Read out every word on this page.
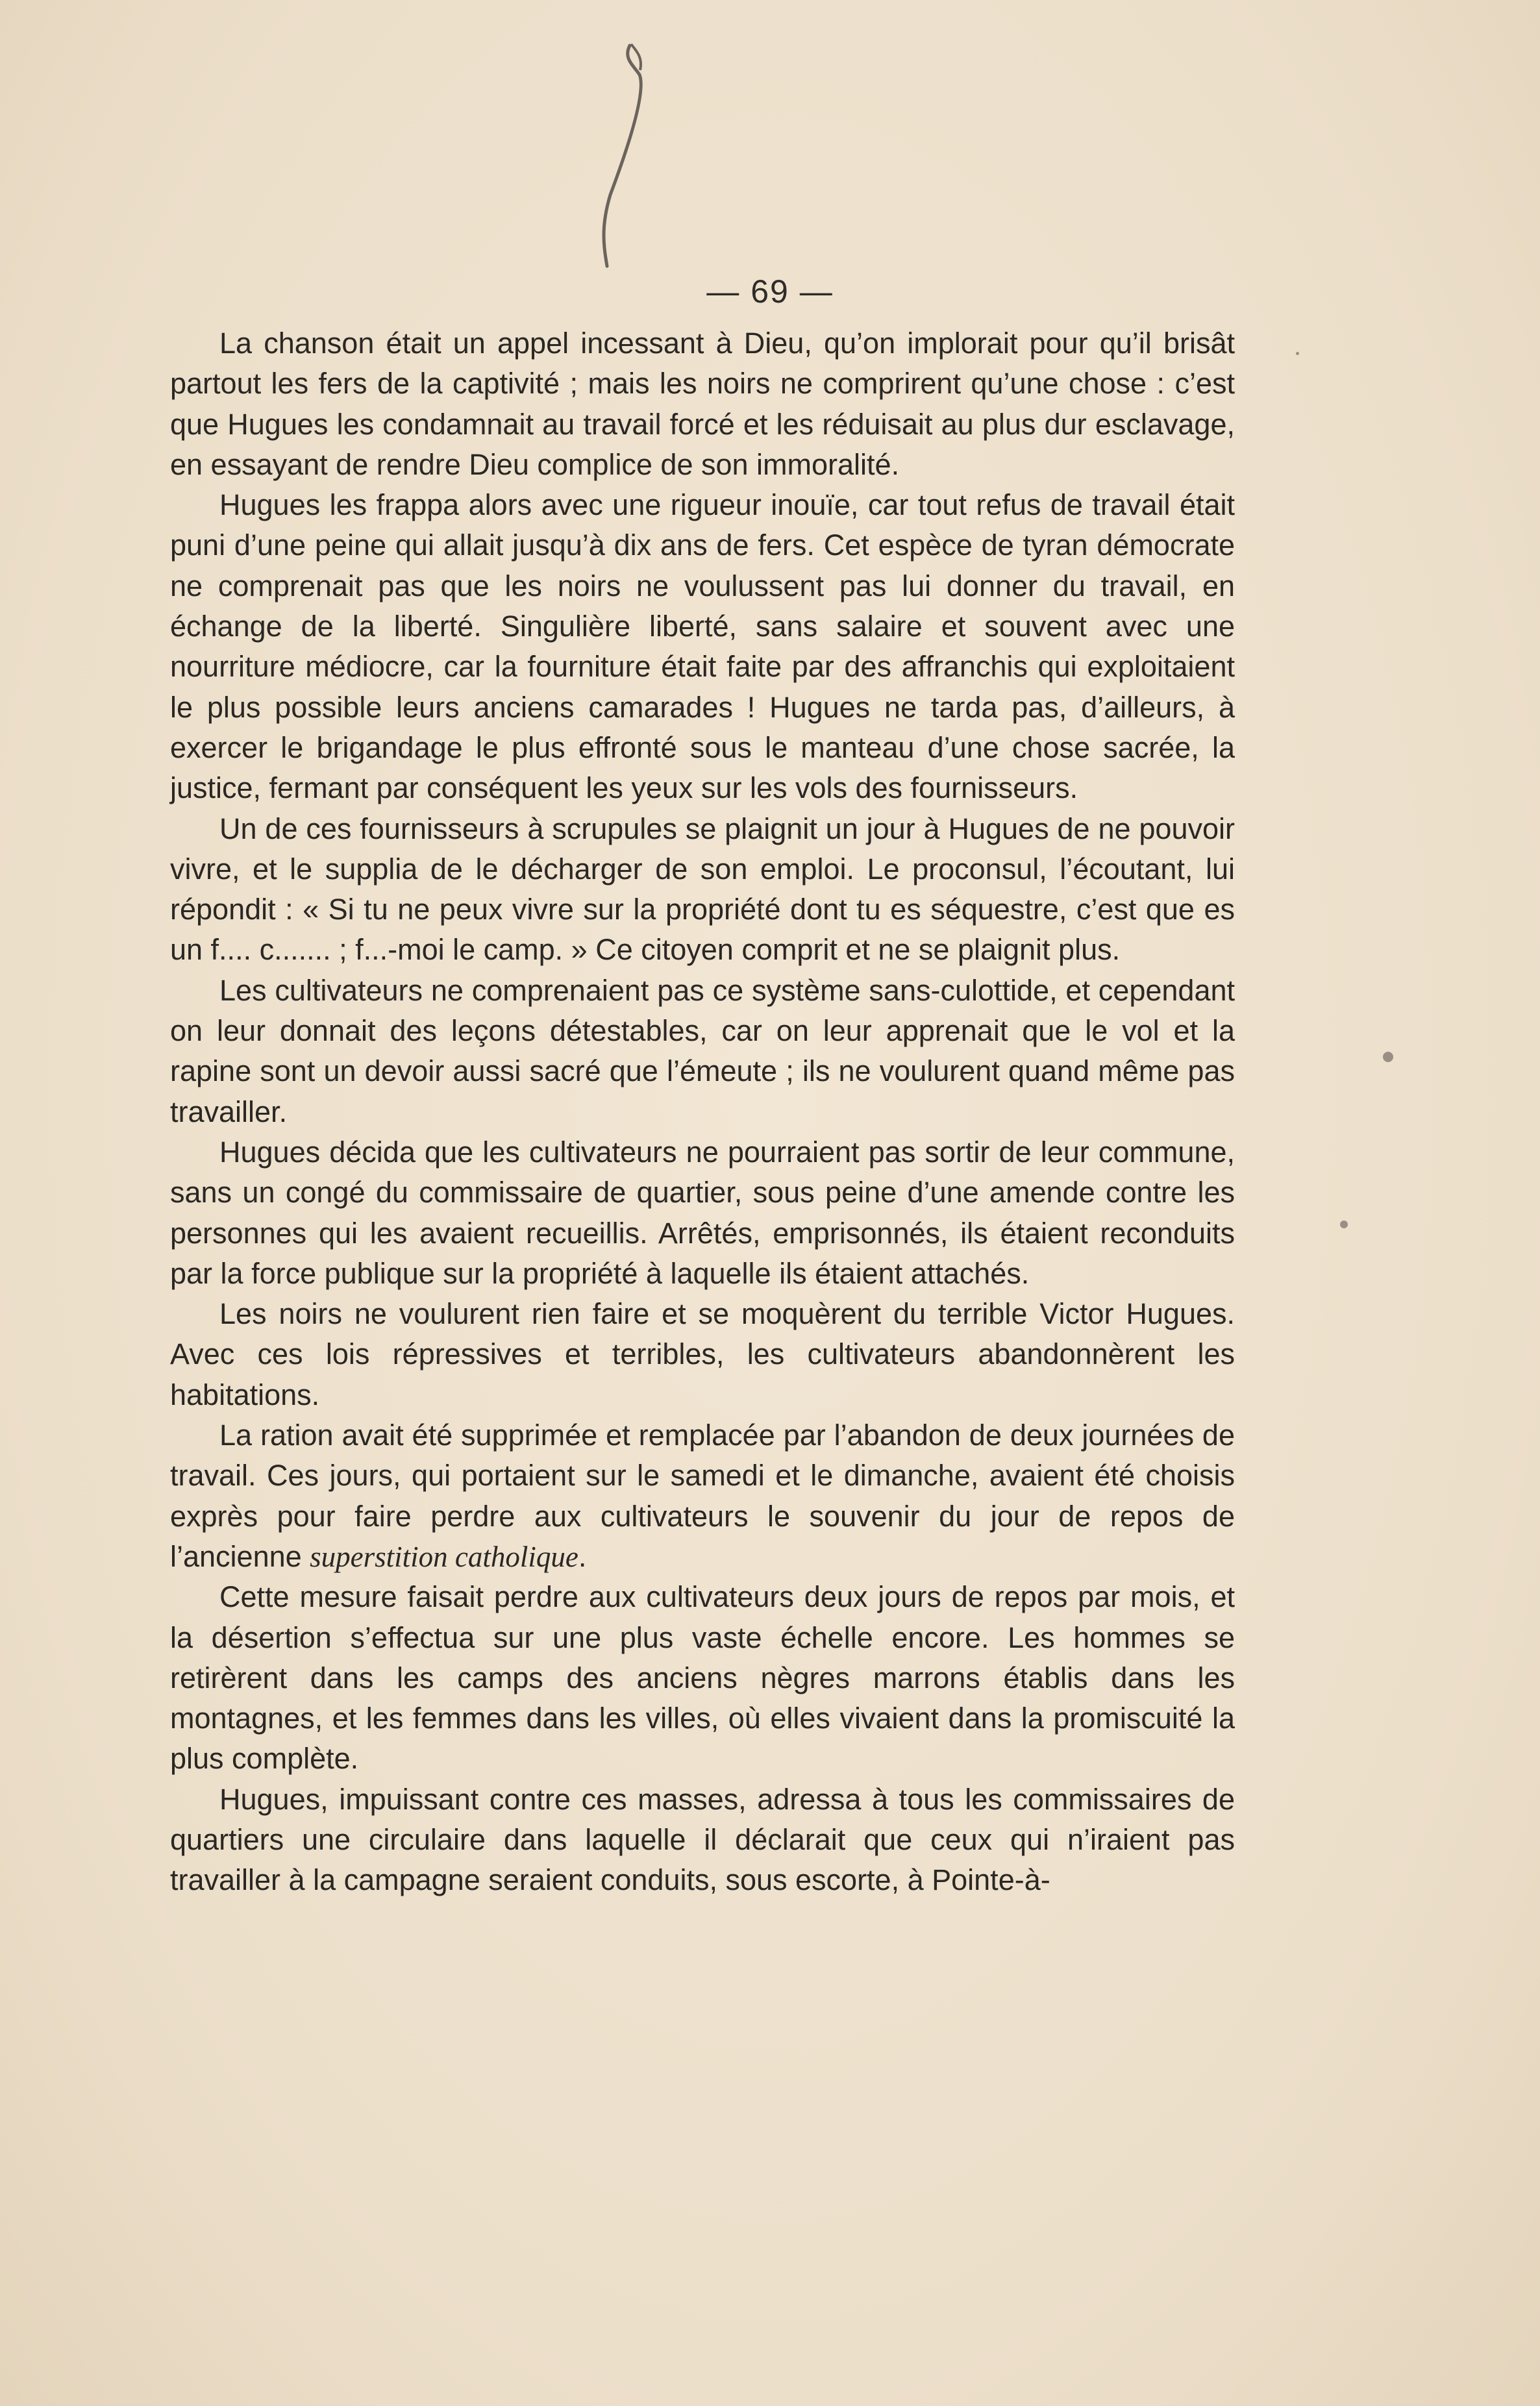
— 69 —

La chanson était un appel incessant à Dieu, qu’on implorait pour qu’il brisât partout les fers de la captivité ; mais les noirs ne comprirent qu’une chose : c’est que Hugues les condamnait au travail forcé et les réduisait au plus dur esclavage, en essayant de rendre Dieu complice de son immoralité.

Hugues les frappa alors avec une rigueur inouïe, car tout refus de travail était puni d’une peine qui allait jusqu’à dix ans de fers. Cet espèce de tyran démocrate ne comprenait pas que les noirs ne voulussent pas lui donner du travail, en échange de la liberté. Singulière liberté, sans salaire et souvent avec une nourriture médiocre, car la fourniture était faite par des affranchis qui exploitaient le plus possible leurs anciens camarades ! Hugues ne tarda pas, d’ailleurs, à exercer le brigandage le plus effronté sous le manteau d’une chose sacrée, la justice, fermant par conséquent les yeux sur les vols des fournisseurs.

Un de ces fournisseurs à scrupules se plaignit un jour à Hugues de ne pouvoir vivre, et le supplia de le décharger de son emploi. Le proconsul, l’écoutant, lui répondit : « Si tu ne peux vivre sur la propriété dont tu es séquestre, c’est que es un f.... c....... ; f...-moi le camp. » Ce citoyen comprit et ne se plaignit plus.

Les cultivateurs ne comprenaient pas ce système sans-culottide, et cependant on leur donnait des leçons détestables, car on leur apprenait que le vol et la rapine sont un devoir aussi sacré que l’émeute ; ils ne voulurent quand même pas travailler.

Hugues décida que les cultivateurs ne pourraient pas sortir de leur commune, sans un congé du commissaire de quartier, sous peine d’une amende contre les personnes qui les avaient recueillis. Arrêtés, emprisonnés, ils étaient reconduits par la force publique sur la propriété à laquelle ils étaient attachés.

Les noirs ne voulurent rien faire et se moquèrent du terrible Victor Hugues. Avec ces lois répressives et terribles, les cultivateurs abandonnèrent les habitations.

La ration avait été supprimée et remplacée par l’abandon de deux journées de travail. Ces jours, qui portaient sur le samedi et le dimanche, avaient été choisis exprès pour faire perdre aux cultivateurs le souvenir du jour de repos de l’ancienne superstition catholique.

Cette mesure faisait perdre aux cultivateurs deux jours de repos par mois, et la désertion s’effectua sur une plus vaste échelle encore. Les hommes se retirèrent dans les camps des anciens nègres marrons établis dans les montagnes, et les femmes dans les villes, où elles vivaient dans la promiscuité la plus complète.

Hugues, impuissant contre ces masses, adressa à tous les commissaires de quartiers une circulaire dans laquelle il déclarait que ceux qui n’iraient pas travailler à la campagne seraient conduits, sous escorte, à Pointe-à-
